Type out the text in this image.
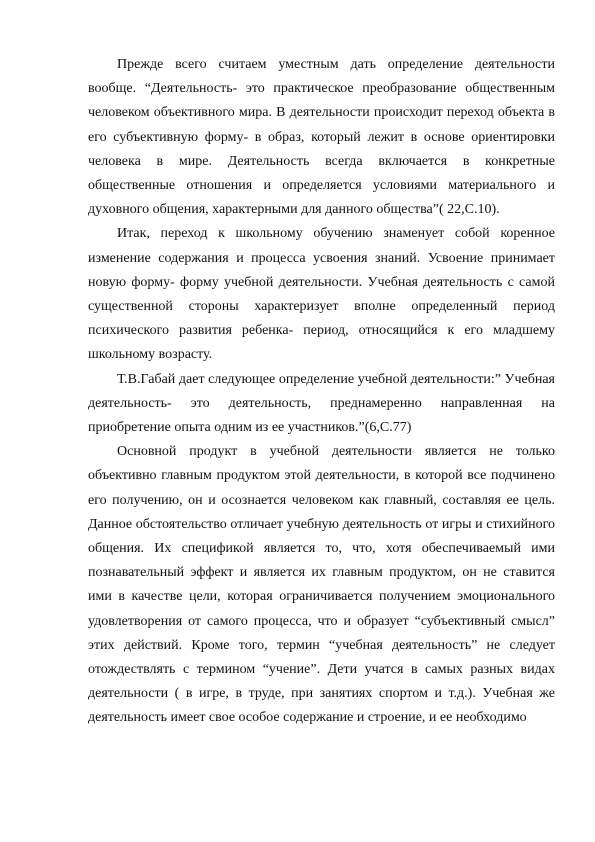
Прежде всего считаем уместным дать определение деятельности вообще. “Деятельность- это практическое преобразование общественным человеком объективного мира. В деятельности происходит переход объекта в его субъективную форму- в образ, который лежит в основе ориентировки человека в мире. Деятельность всегда включается в конкретные общественные отношения и определяется условиями материального и духовного общения, характерными для данного общества”( 22,С.10).

Итак, переход к школьному обучению знаменует собой коренное изменение содержания и процесса усвоения знаний. Усвоение принимает новую форму- форму учебной деятельности. Учебная деятельность с самой существенной стороны характеризует вполне определенный период психического развития ребенка- период, относящийся к его младшему школьному возрасту.

Т.В.Габай дает следующее определение учебной деятельности:” Учебная деятельность- это деятельность, преднамеренно направленная на приобретение опыта одним из ее участников.”(6,С.77)

Основной продукт в учебной деятельности является не только объективно главным продуктом этой деятельности, в которой все подчинено его получению, он и осознается человеком как главный, составляя ее цель. Данное обстоятельство отличает учебную деятельность от игры и стихийного общения. Их спецификой является то, что, хотя обеспечиваемый ими познавательный эффект и является их главным продуктом, он не ставится ими в качестве цели, которая ограничивается получением эмоционального удовлетворения от самого процесса, что и образует “субъективный смысл” этих действий. Кроме того, термин “учебная деятельность” не следует отождествлять с термином “учение”. Дети учатся в самых разных видах деятельности ( в игре, в труде, при занятиях спортом и т.д.). Учебная же деятельность имеет свое особое содержание и строение, и ее необходимо
